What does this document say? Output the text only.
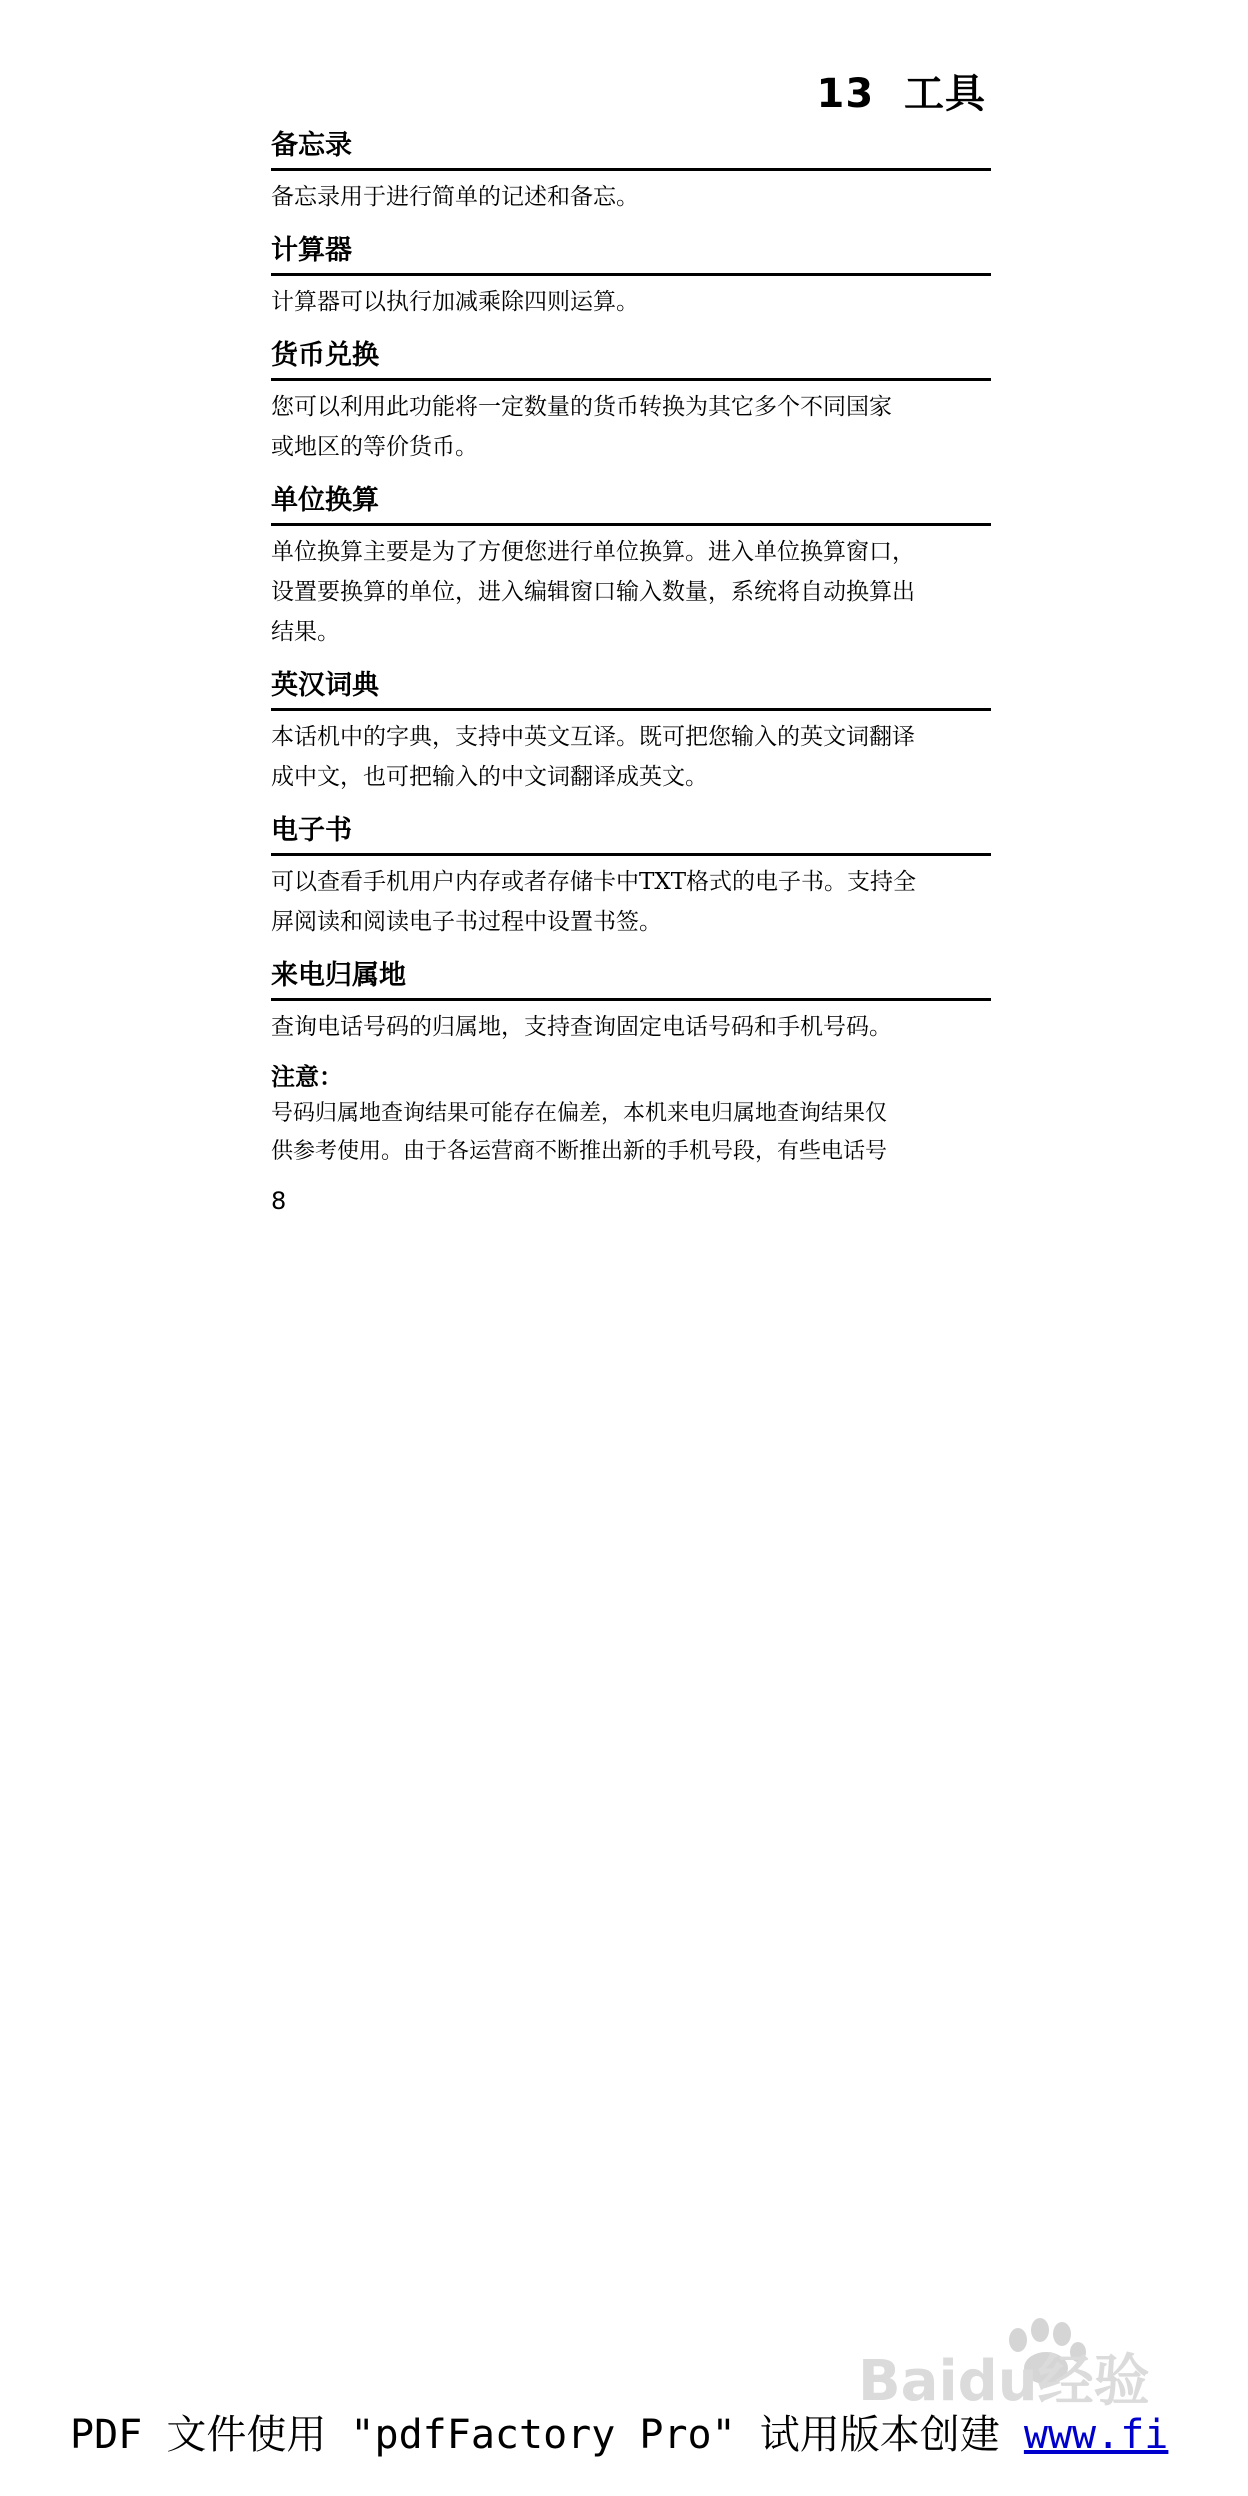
13  工具
备忘录
备忘录用于进行简单的记述和备忘。
计算器
计算器可以执行加减乘除四则运算。
货币兑换
您可以利用此功能将一定数量的货币转换为其它多个不同国家
或地区的等价货币。
单位换算
单位换算主要是为了方便您进行单位换算。进入单位换算窗口，
设置要换算的单位，进入编辑窗口输入数量，系统将自动换算出
结果。
英汉词典
本话机中的字典，支持中英文互译。既可把您输入的英文词翻译
成中文，也可把输入的中文词翻译成英文。
电子书
可以查看手机用户内存或者存储卡中TXT格式的电子书。支持全
屏阅读和阅读电子书过程中设置书签。
来电归属地
查询电话号码的归属地，支持查询固定电话号码和手机号码。
注意：
号码归属地查询结果可能存在偏差，本机来电归属地查询结果仅
供参考使用。由于各运营商不断推出新的手机号段，有些电话号
8
Baidu经验
PDF 文件使用 "pdfFactory Pro" 试用版本创建 www.fi
